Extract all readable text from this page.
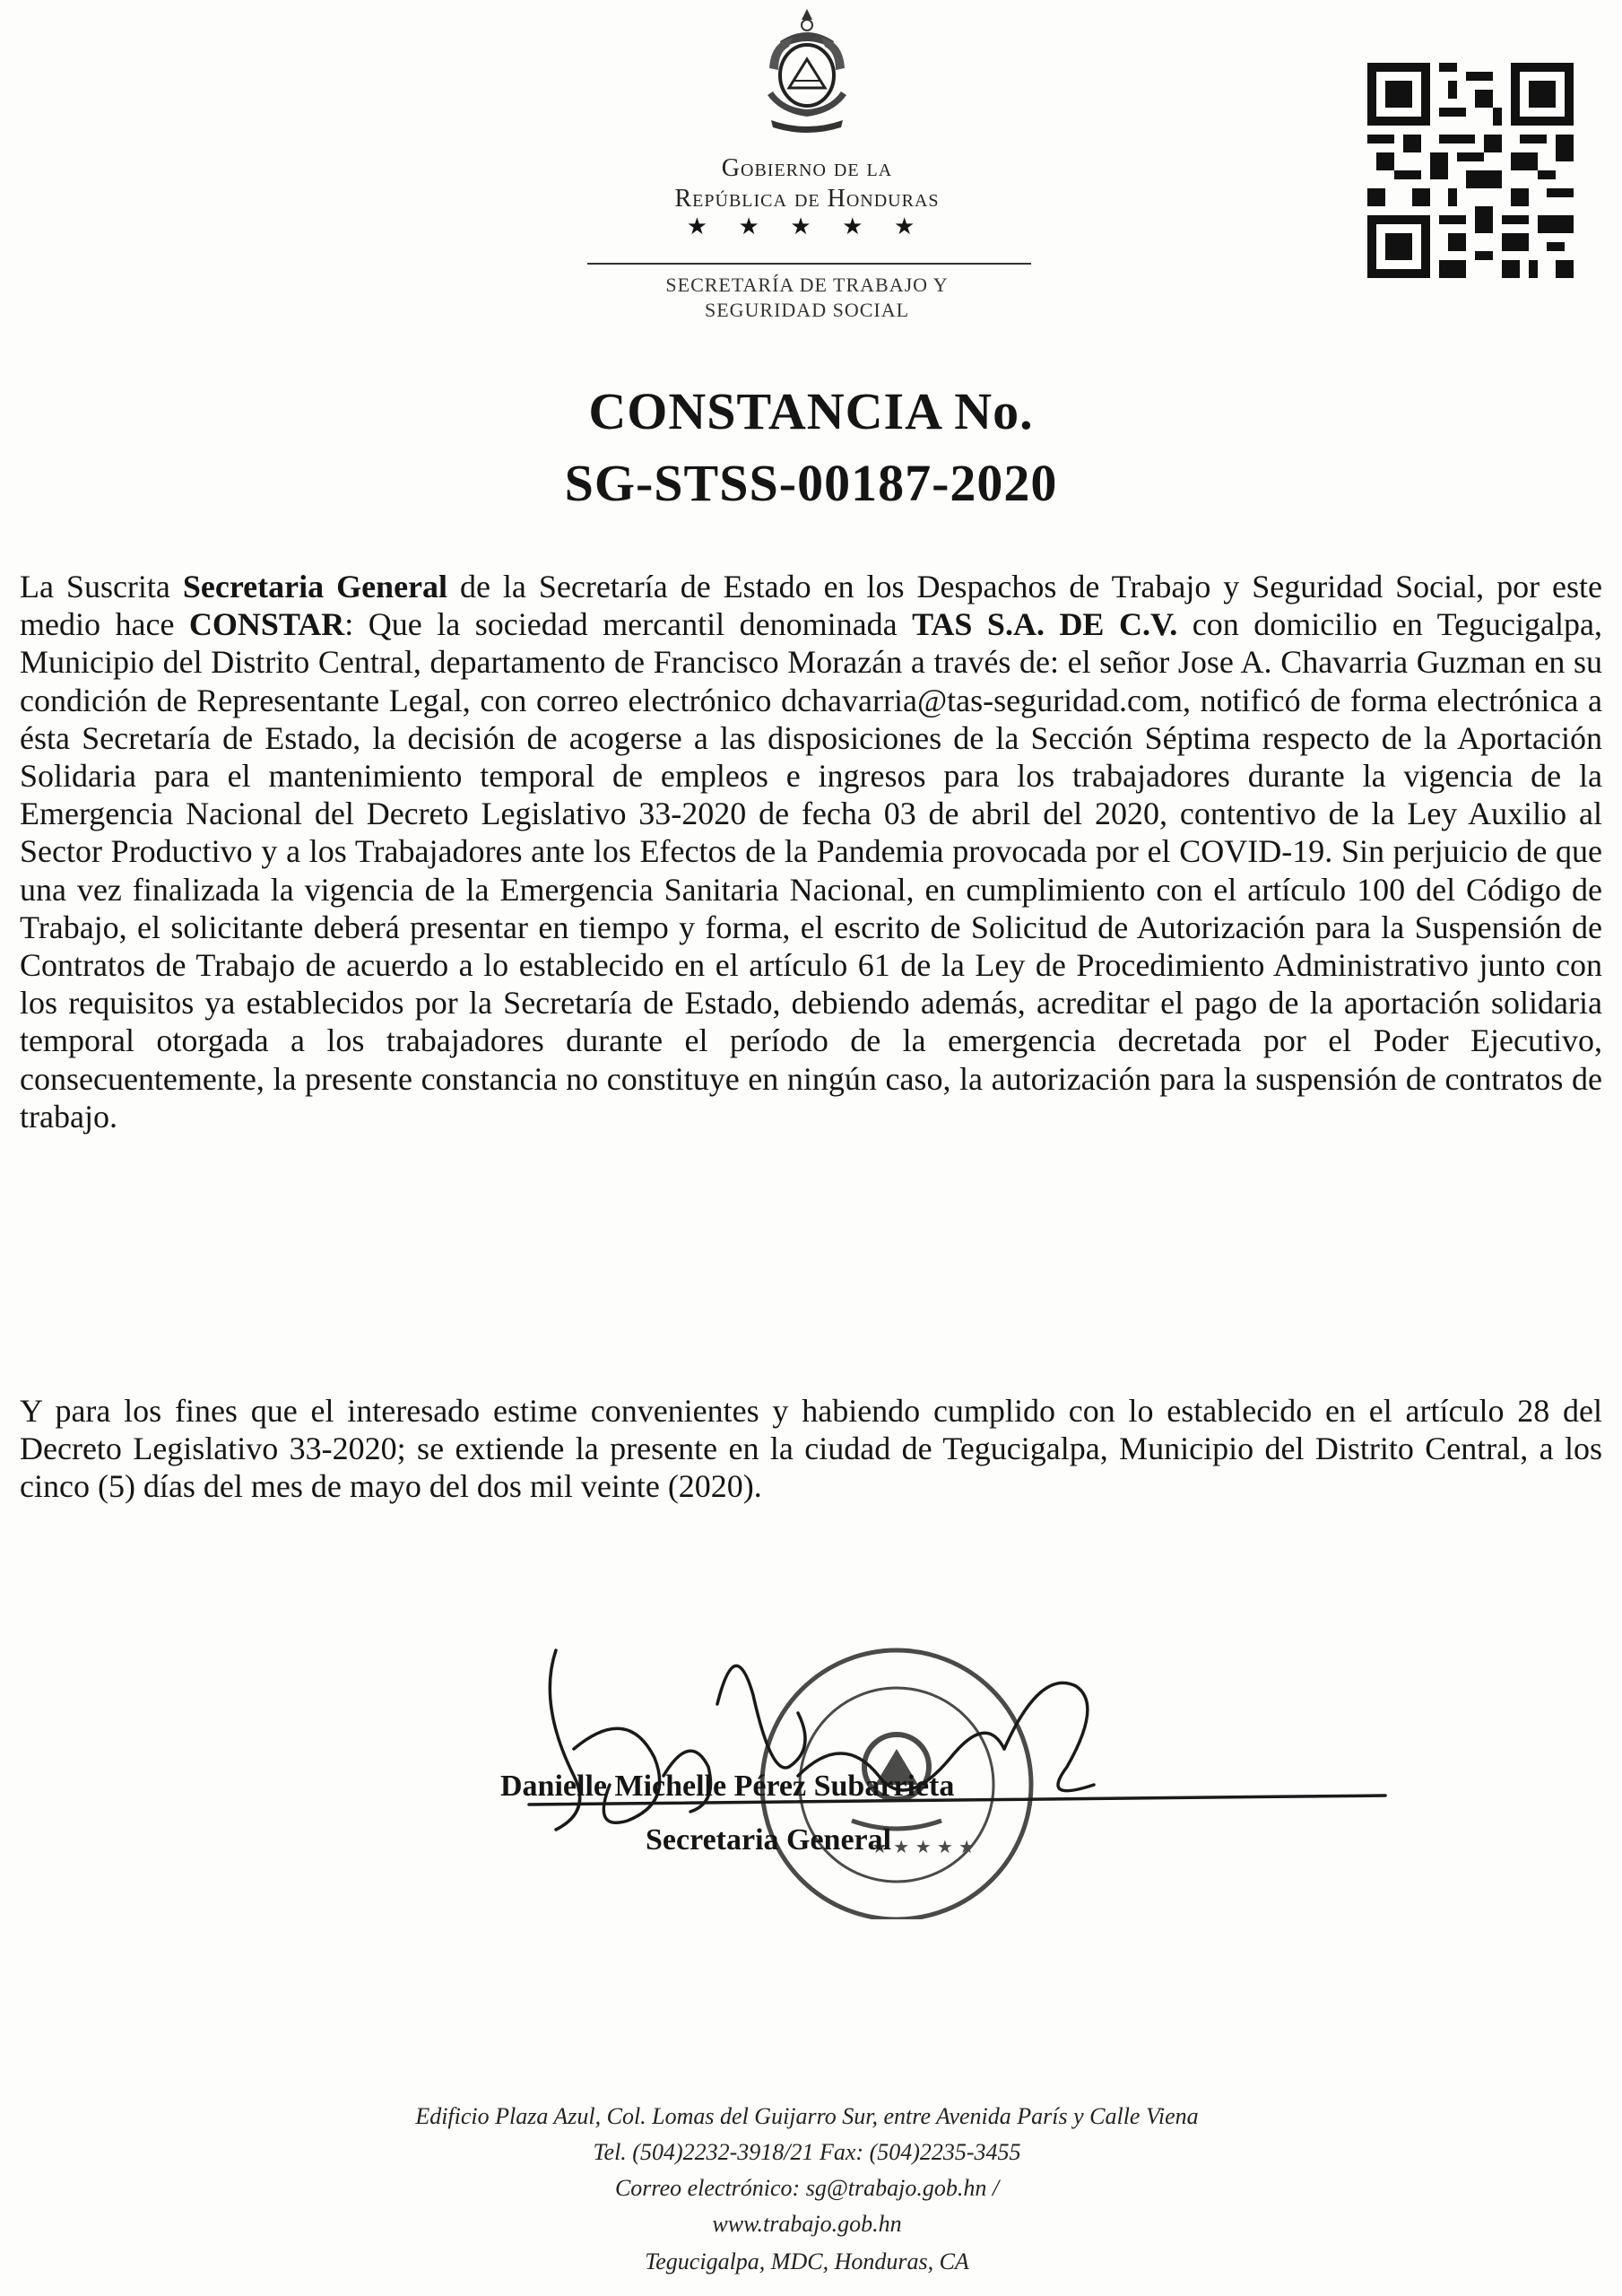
Gobierno de la
República de Honduras
★ ★ ★ ★ ★
SECRETARÍA DE TRABAJO Y
SEGURIDAD SOCIAL
CONSTANCIA No.
SG-STSS-00187-2020
La Suscrita Secretaria General de la Secretaría de Estado en los Despachos de Trabajo y Seguridad Social, por este medio hace CONSTAR: Que la sociedad mercantil denominada TAS S.A. DE C.V. con domicilio en Tegucigalpa, Municipio del Distrito Central, departamento de Francisco Morazán a través de: el señor Jose A. Chavarria Guzman en su condición de Representante Legal, con correo electrónico dchavarria@tas-seguridad.com, notificó de forma electrónica a ésta Secretaría de Estado, la decisión de acogerse a las disposiciones de la Sección Séptima respecto de la Aportación Solidaria para el mantenimiento temporal de empleos e ingresos para los trabajadores durante la vigencia de la Emergencia Nacional del Decreto Legislativo 33-2020 de fecha 03 de abril del 2020, contentivo de la Ley Auxilio al Sector Productivo y a los Trabajadores ante los Efectos de la Pandemia provocada por el COVID-19. Sin perjuicio de que una vez finalizada la vigencia de la Emergencia Sanitaria Nacional, en cumplimiento con el artículo 100 del Código de Trabajo, el solicitante deberá presentar en tiempo y forma, el escrito de Solicitud de Autorización para la Suspensión de Contratos de Trabajo de acuerdo a lo establecido en el artículo 61 de la Ley de Procedimiento Administrativo junto con los requisitos ya establecidos por la Secretaría de Estado, debiendo además, acreditar el pago de la aportación solidaria temporal otorgada a los trabajadores durante el período de la emergencia decretada por el Poder Ejecutivo, consecuentemente, la presente constancia no constituye en ningún caso, la autorización para la suspensión de contratos de trabajo.
Y para los fines que el interesado estime convenientes y habiendo cumplido con lo establecido en el artículo 28 del Decreto Legislativo 33-2020; se extiende la presente en la ciudad de Tegucigalpa, Municipio del Distrito Central, a los cinco (5) días del mes de mayo del dos mil veinte (2020).
★ ★ ★ ★ ★
Danielle Michelle Pérez Subarrieta
Secretaria General
Edificio Plaza Azul, Col. Lomas del Guijarro Sur, entre Avenida París y Calle Viena
Tel. (504)2232-3918/21 Fax: (504)2235-3455
Correo electrónico: sg@trabajo.gob.hn /
www.trabajo.gob.hn
Tegucigalpa, MDC, Honduras, CA
